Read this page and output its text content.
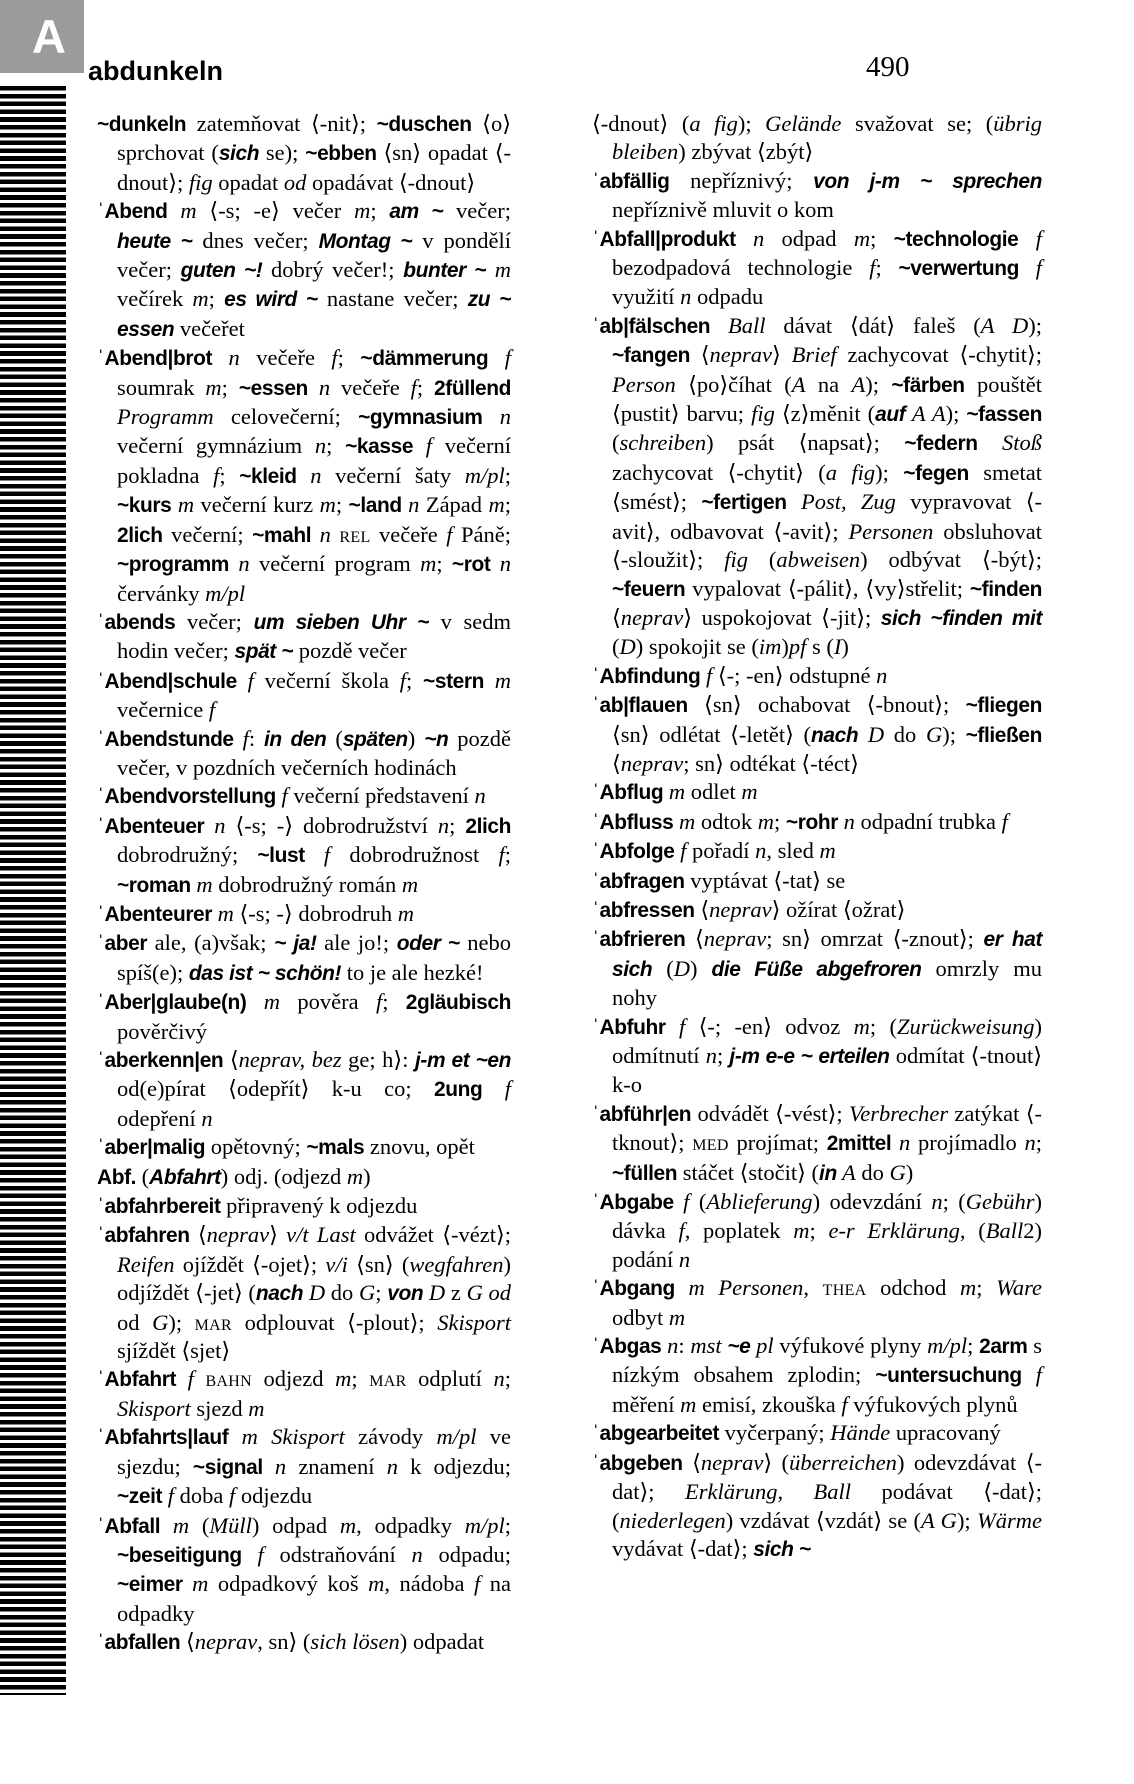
A
abdunkeln	490

~dunkeln zatemňovat ⟨-nit⟩; ~duschen ⟨o⟩sprchovat (sich se); ~ebben ⟨sn⟩ opadat ⟨-dnout⟩; fig opadat od opadávat ⟨-dnout⟩

ˈAbend m ⟨-s; -e⟩ večer m; am ~ večer; heute ~ dnes večer; Montag ~ v pondělí večer; guten ~! dobrý večer!; bunter ~ m večírek m; es wird ~ nastane večer; zu ~ essen večeřet

ˈAbend|brot n večeře f; ~dämmerung f soumrak m; ~essen n večeře f; 2füllend Programm celovečerní; ~gymnasium n večerní gymnázium n; ~kasse f večerní pokladna f; ~kleid n večerní šaty m/pl; ~kurs m večerní kurz m; ~land n Západ m; 2lich večerní; ~mahl n rel večeře f Páně; ~programm n večerní program m; ~rot n červánky m/pl

ˈabends večer; um sieben Uhr ~ v sedm hodin večer; spät ~ pozdě večer

ˈAbend|schule f večerní škola f; ~stern m večernice f

ˈAbendstunde f: in den (späten) ~n pozdě večer, v pozdních večerních hodinách

ˈAbendvorstellung f večerní představení n

ˈAbenteuer n ⟨-s; -⟩ dobrodružství n; 2lich dobrodružný; ~lust f dobrodružnost f; ~roman m dobrodružný román m

ˈAbenteurer m ⟨-s; -⟩ dobrodruh m

ˈaber ale, (a)však; ~ ja! ale jo!; oder ~ nebo spíš(e); das ist ~ schön! to je ale hezké!

ˈAber|glaube(n) m pověra f; 2gläubisch pověrčivý

ˈaberkenn|en ⟨neprav, bez ge; h⟩: j-m et ~en od(e)pírat ⟨odepřít⟩ k-u co; 2ung f odepření n

ˈaber|malig opětovný; ~mals znovu, opět

Abf. (Abfahrt) odj. (odjezd m)

ˈabfahrbereit připravený k odjezdu

ˈabfahren ⟨neprav⟩ v/t Last odvážet ⟨-vézt⟩; Reifen ojíždět ⟨-ojet⟩; v/i ⟨sn⟩ (wegfahren) odjíždět ⟨-jet⟩ (nach D do G; von D z G od od G); mar odplouvat ⟨-plout⟩; Skisport sjíždět ⟨sjet⟩

ˈAbfahrt f bahn odjezd m; mar odplutí n; Skisport sjezd m

ˈAbfahrts|lauf m Skisport závody m/pl ve sjezdu; ~signal n znamení n k odjezdu; ~zeit f doba f odjezdu

ˈAbfall m (Müll) odpad m, odpadky m/pl; ~beseitigung f odstraňování n odpadu; ~eimer m odpadkový koš m, nádoba f na odpadky

ˈabfallen ⟨neprav, sn⟩ (sich lösen) odpadat

⟨-dnout⟩ (a fig); Gelände svažovat se; (übrig bleiben) zbývat ⟨zbýt⟩

ˈabfällig nepříznivý; von j-m ~ sprechen nepříznivě mluvit o kom

ˈAbfall|produkt n odpad m; ~technologie f bezodpadová technologie f; ~verwertung f využití n odpadu

ˈab|fälschen Ball dávat ⟨dát⟩ faleš (A D); ~fangen ⟨neprav⟩ Brief zachycovat ⟨-chytit⟩; Person ⟨po⟩číhat (A na A); ~färben pouštět ⟨pustit⟩ barvu; fig ⟨z⟩měnit (auf A A); ~fassen (schreiben) psát ⟨napsat⟩; ~federn Stoß zachycovat ⟨-chytit⟩ (a fig); ~fegen smetat ⟨smést⟩; ~fertigen Post, Zug vypravovat ⟨-avit⟩, odbavovat ⟨-avit⟩; Personen obsluhovat ⟨-sloužit⟩; fig (abweisen) odbývat ⟨-být⟩; ~feuern vypalovat ⟨-pálit⟩, ⟨vy⟩střelit; ~finden ⟨neprav⟩ uspokojovat ⟨-jit⟩; sich ~finden mit (D) spokojit se (im)pf s (I)

ˈAbfindung f ⟨-; -en⟩ odstupné n

ˈab|flauen ⟨sn⟩ ochabovat ⟨-bnout⟩; ~fliegen ⟨sn⟩ odlétat ⟨-letět⟩ (nach D do G); ~fließen ⟨neprav; sn⟩ odtékat ⟨-téct⟩

ˈAbflug m odlet m

ˈAbfluss m odtok m; ~rohr n odpadní trubka f

ˈAbfolge f pořadí n, sled m

ˈabfragen vyptávat ⟨-tat⟩ se

ˈabfressen ⟨neprav⟩ ožírat ⟨ožrat⟩

ˈabfrieren ⟨neprav; sn⟩ omrzat ⟨-znout⟩; er hat sich (D) die Füße abgefroren omrzly mu nohy

ˈAbfuhr f ⟨-; -en⟩ odvoz m; (Zurückweisung) odmítnutí n; j-m e-e ~ erteilen odmítat ⟨-tnout⟩ k-o

ˈabführ|en odvádět ⟨-vést⟩; Verbrecher zatýkat ⟨-tknout⟩; med projímat; 2mittel n projímadlo n; ~füllen stáčet ⟨stočit⟩ (in A do G)

ˈAbgabe f (Ablieferung) odevzdání n; (Gebühr) dávka f, poplatek m; e-r Erklärung, (Ball2) podání n

ˈAbgang m Personen, thea odchod m; Ware odbyt m

ˈAbgas n: mst ~e pl výfukové plyny m/pl; 2arm s nízkým obsahem zplodin; ~untersuchung f měření m emisí, zkouška f výfukových plynů

ˈabgearbeitet vyčerpaný; Hände upracovaný

ˈabgeben ⟨neprav⟩ (überreichen) odevzdávat ⟨-dat⟩; Erklärung, Ball podávat ⟨-dat⟩; (niederlegen) vzdávat ⟨vzdát⟩ se (A G); Wärme vydávat ⟨-dat⟩; sich ~
